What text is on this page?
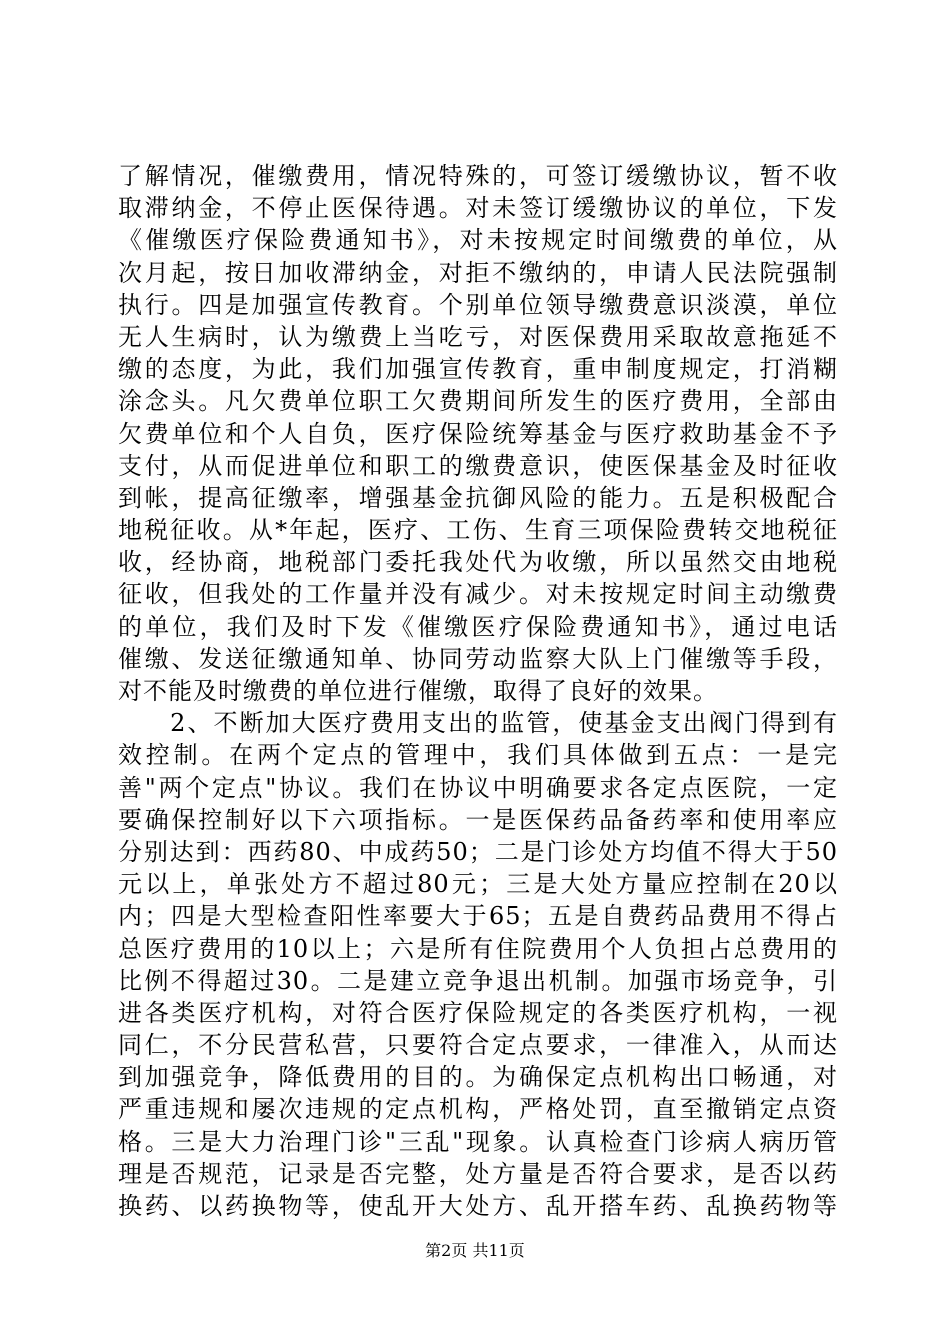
了解情况，催缴费用，情况特殊的，可签订缓缴协议，暂不收
取滞纳金，不停止医保待遇。对未签订缓缴协议的单位，下发
《催缴医疗保险费通知书》，对未按规定时间缴费的单位，从
次月起，按日加收滞纳金，对拒不缴纳的，申请人民法院强制
执行。四是加强宣传教育。个别单位领导缴费意识淡漠，单位
无人生病时，认为缴费上当吃亏，对医保费用采取故意拖延不
缴的态度，为此，我们加强宣传教育，重申制度规定，打消糊
涂念头。凡欠费单位职工欠费期间所发生的医疗费用，全部由
欠费单位和个人自负，医疗保险统筹基金与医疗救助基金不予
支付，从而促进单位和职工的缴费意识，使医保基金及时征收
到帐，提高征缴率，增强基金抗御风险的能力。五是积极配合
地税征收。从*年起，医疗、工伤、生育三项保险费转交地税征
收，经协商，地税部门委托我处代为收缴，所以虽然交由地税
征收，但我处的工作量并没有减少。对未按规定时间主动缴费
的单位，我们及时下发《催缴医疗保险费通知书》，通过电话
催缴、发送征缴通知单、协同劳动监察大队上门催缴等手段，
对不能及时缴费的单位进行催缴，取得了良好的效果。
　　2、不断加大医疗费用支出的监管，使基金支出阀门得到有
效控制。在两个定点的管理中，我们具体做到五点：一是完
善"两个定点"协议。我们在协议中明确要求各定点医院，一定
要确保控制好以下六项指标。一是医保药品备药率和使用率应
分别达到：西药80、中成药50；二是门诊处方均值不得大于50
元以上，单张处方不超过80元；三是大处方量应控制在20以
内；四是大型检查阳性率要大于65；五是自费药品费用不得占
总医疗费用的10以上；六是所有住院费用个人负担占总费用的
比例不得超过30。二是建立竞争退出机制。加强市场竞争，引
进各类医疗机构，对符合医疗保险规定的各类医疗机构，一视
同仁，不分民营私营，只要符合定点要求，一律准入，从而达
到加强竞争，降低费用的目的。为确保定点机构出口畅通，对
严重违规和屡次违规的定点机构，严格处罚，直至撤销定点资
格。三是大力治理门诊"三乱"现象。认真检查门诊病人病历管
理是否规范，记录是否完整，处方量是否符合要求，是否以药
换药、以药换物等，使乱开大处方、乱开搭车药、乱换药物等
第2页 共11页
